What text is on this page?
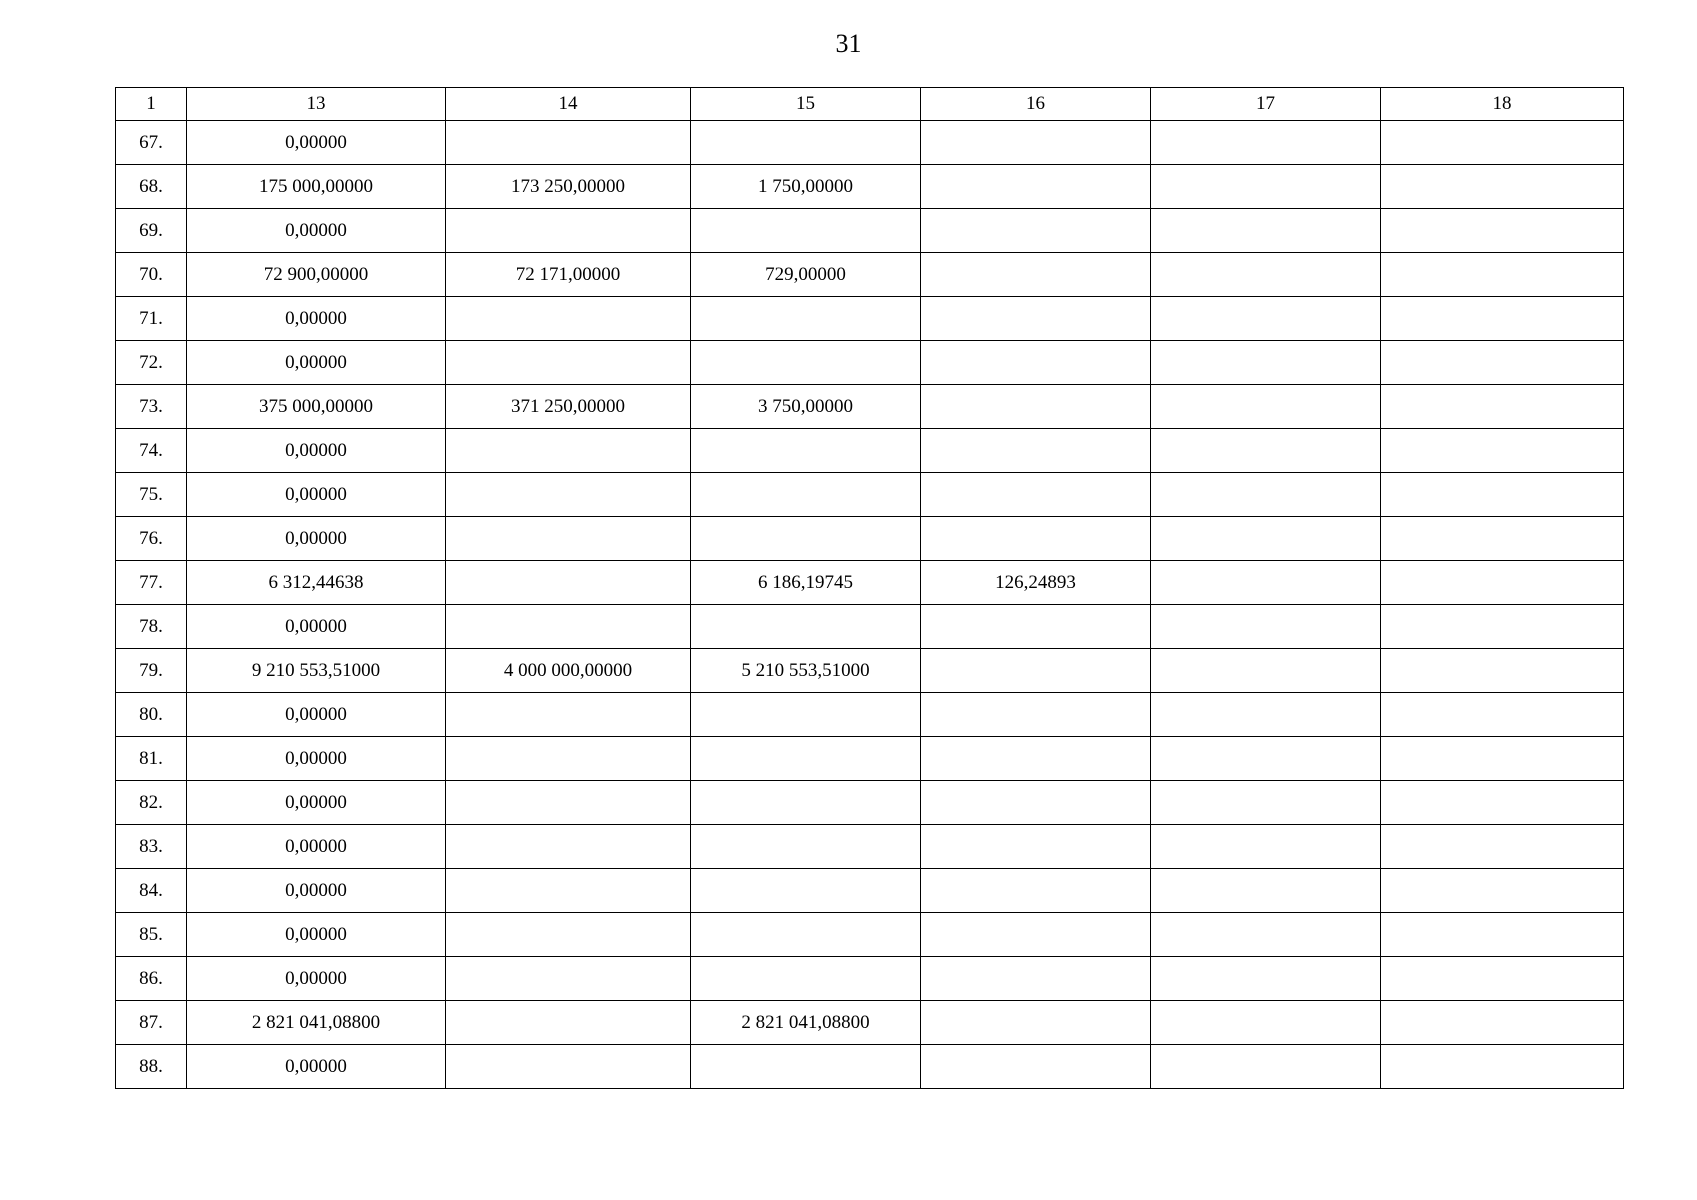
31
1	13	14	15	16	17	18
67.	0,00000					
68.	175 000,00000	173 250,00000	1 750,00000			
69.	0,00000					
70.	72 900,00000	72 171,00000	729,00000			
71.	0,00000					
72.	0,00000					
73.	375 000,00000	371 250,00000	3 750,00000			
74.	0,00000					
75.	0,00000					
76.	0,00000					
77.	6 312,44638		6 186,19745	126,24893		
78.	0,00000					
79.	9 210 553,51000	4 000 000,00000	5 210 553,51000			
80.	0,00000					
81.	0,00000					
82.	0,00000					
83.	0,00000					
84.	0,00000					
85.	0,00000					
86.	0,00000					
87.	2 821 041,08800		2 821 041,08800			
88.	0,00000					
